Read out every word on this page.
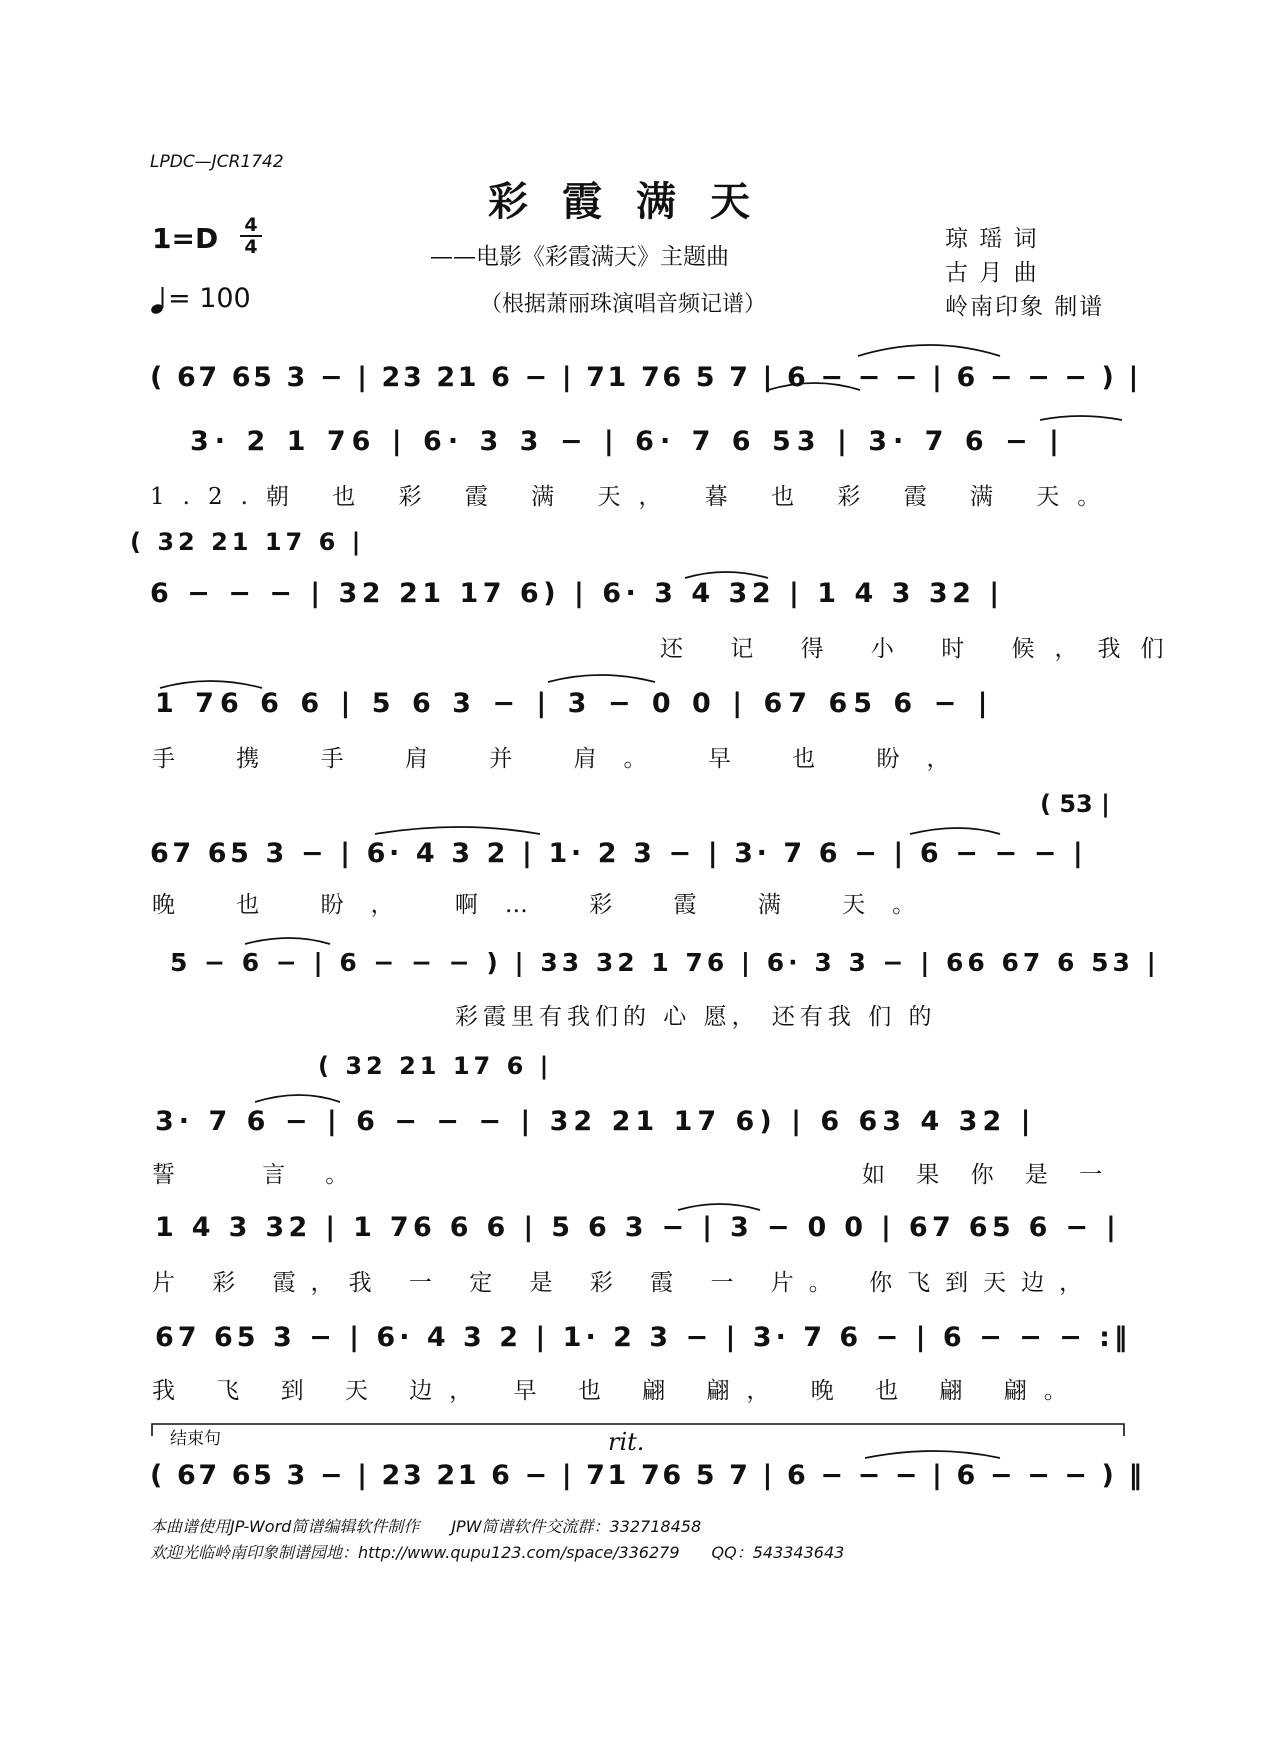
LPDC—JCR1742
彩霞满天
——电影《彩霞满天》主题曲
（根据萧丽珠演唱音频记谱）
1=D 4
4
= 100
琼 瑶 词
古 月 曲
岭南印象 制谱
( 67 65 3 − | 23 21 6 − | 71 76 5 7 | 6 − − − | 6 − − − ) |
3· 2 1 76 | 6· 3 3 − | 6· 7 6 53 | 3· 7 6 − |
1.2.朝 也 彩 霞 满 天， 暮 也 彩 霞 满 天。
( 32 21 17 6 |
6 − − − | 32 21 17 6) | 6· 3 4 32 | 1 4 3 32 |
还 记 得 小 时 候，我们
1 76 6 6 | 5 6 3 − | 3 − 0 0 | 67 65 6 − |
手 携 手 肩 并 肩。 早 也 盼，
( 53 |
67 65 3 − | 6· 4 3 2 | 1· 2 3 − | 3· 7 6 − | 6 − − − |
晚 也 盼， 啊… 彩 霞 满 天。
5 − 6 − | 6 − − − ) | 33 32 1 76 | 6· 3 3 − | 66 67 6 53 |
彩霞里有我们的 心 愿， 还有我 们 的
( 32 21 17 6 |
3· 7 6 − | 6 − − − | 32 21 17 6) | 6 63 4 32 |
誓 言。	如 果 你 是 一
1 4 3 32 | 1 76 6 6 | 5 6 3 − | 3 − 0 0 | 67 65 6 − |
片 彩 霞，我 一 定 是 彩 霞 一 片。 你飞到天边，
67 65 3 − | 6· 4 3 2 | 1· 2 3 − | 3· 7 6 − | 6 − − − :‖
我 飞 到 天 边， 早 也 翩 翩， 晚 也 翩 翩。
结束句	rit.
( 67 65 3 − | 23 21 6 − | 71 76 5 7 | 6 − − − | 6 − − − ) ‖
本曲谱使用JP-Word简谱编辑软件制作　　JPW简谱软件交流群：332718458
欢迎光临岭南印象制谱园地：http://www.qupu123.com/space/336279　　QQ：543343643
